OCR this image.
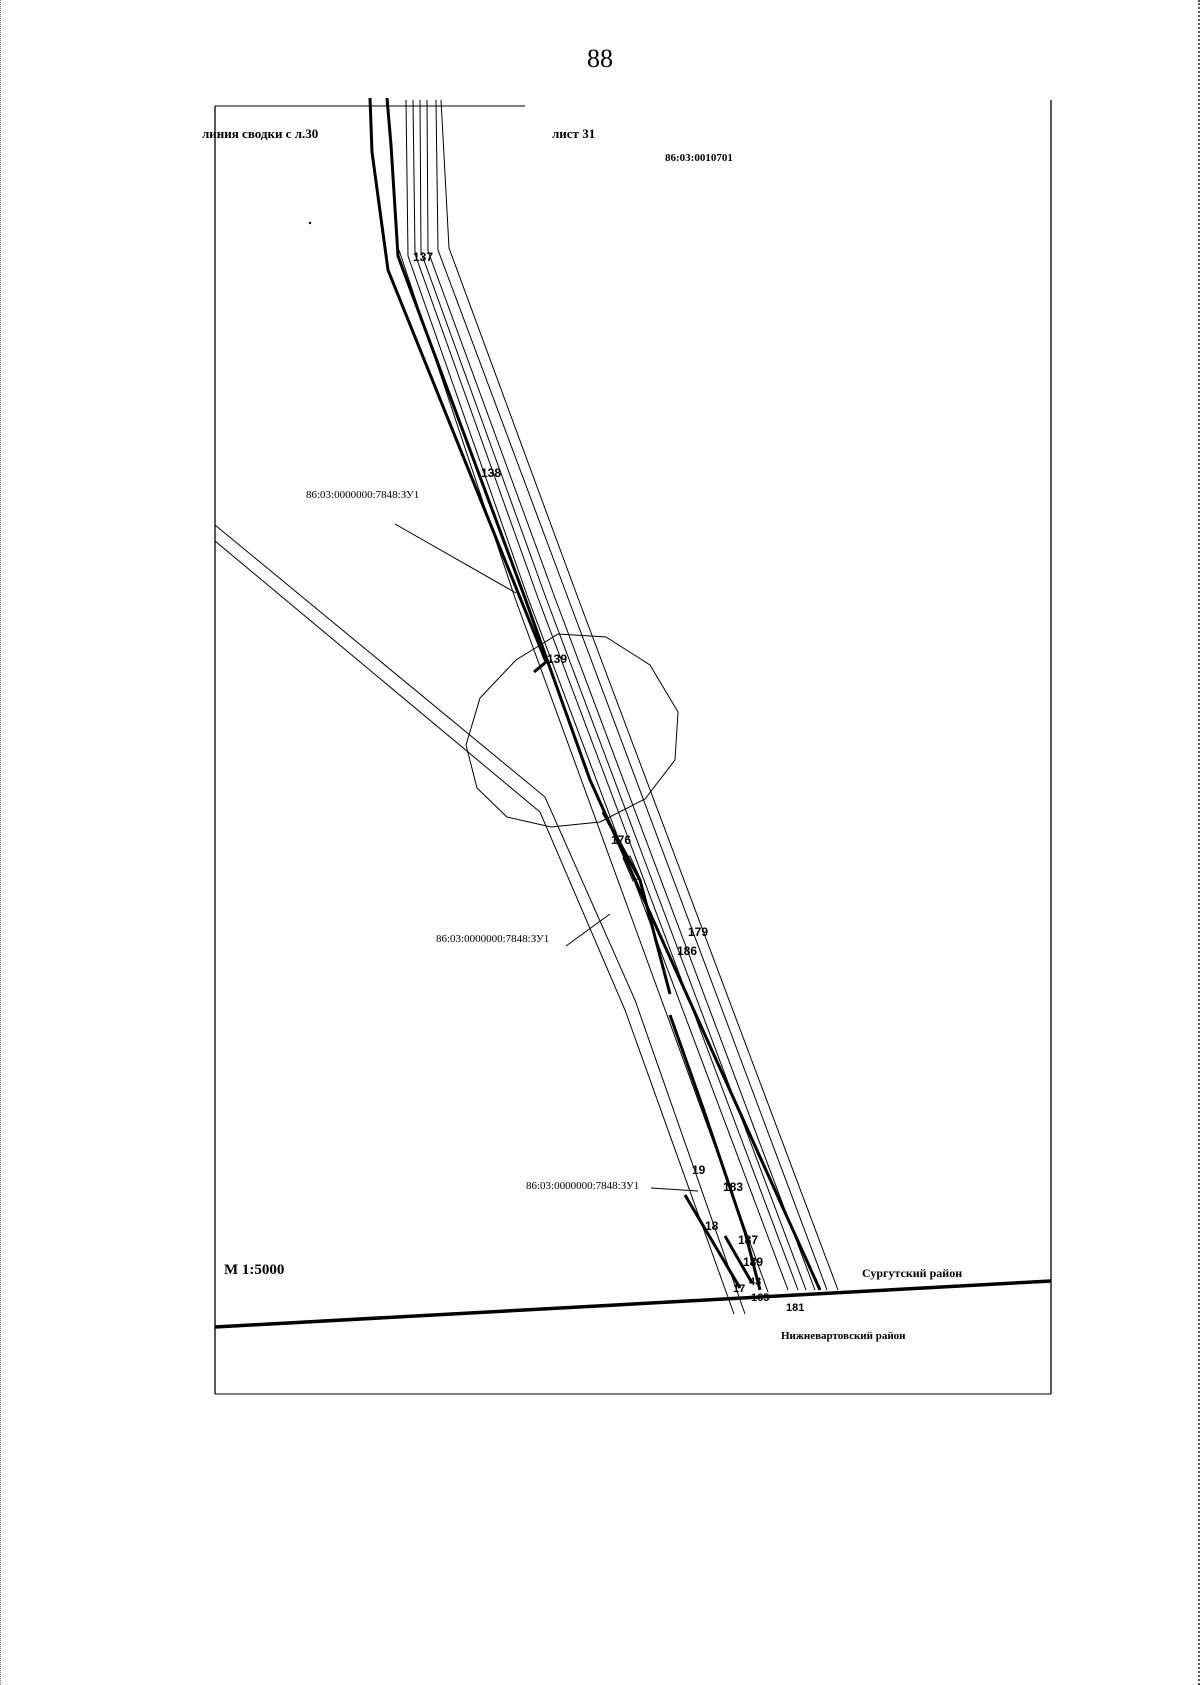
88
линия сводки с л.30	лист 31
86:03:0010701
86:03:0000000:7848:ЗУ1
86:03:0000000:7848:ЗУ1
86:03:0000000:7848:ЗУ1
М 1:5000	Сургутский район
Нижневартовский район
137
138
139
176
179
186
19
183
18
187
189
17
43
165
181
